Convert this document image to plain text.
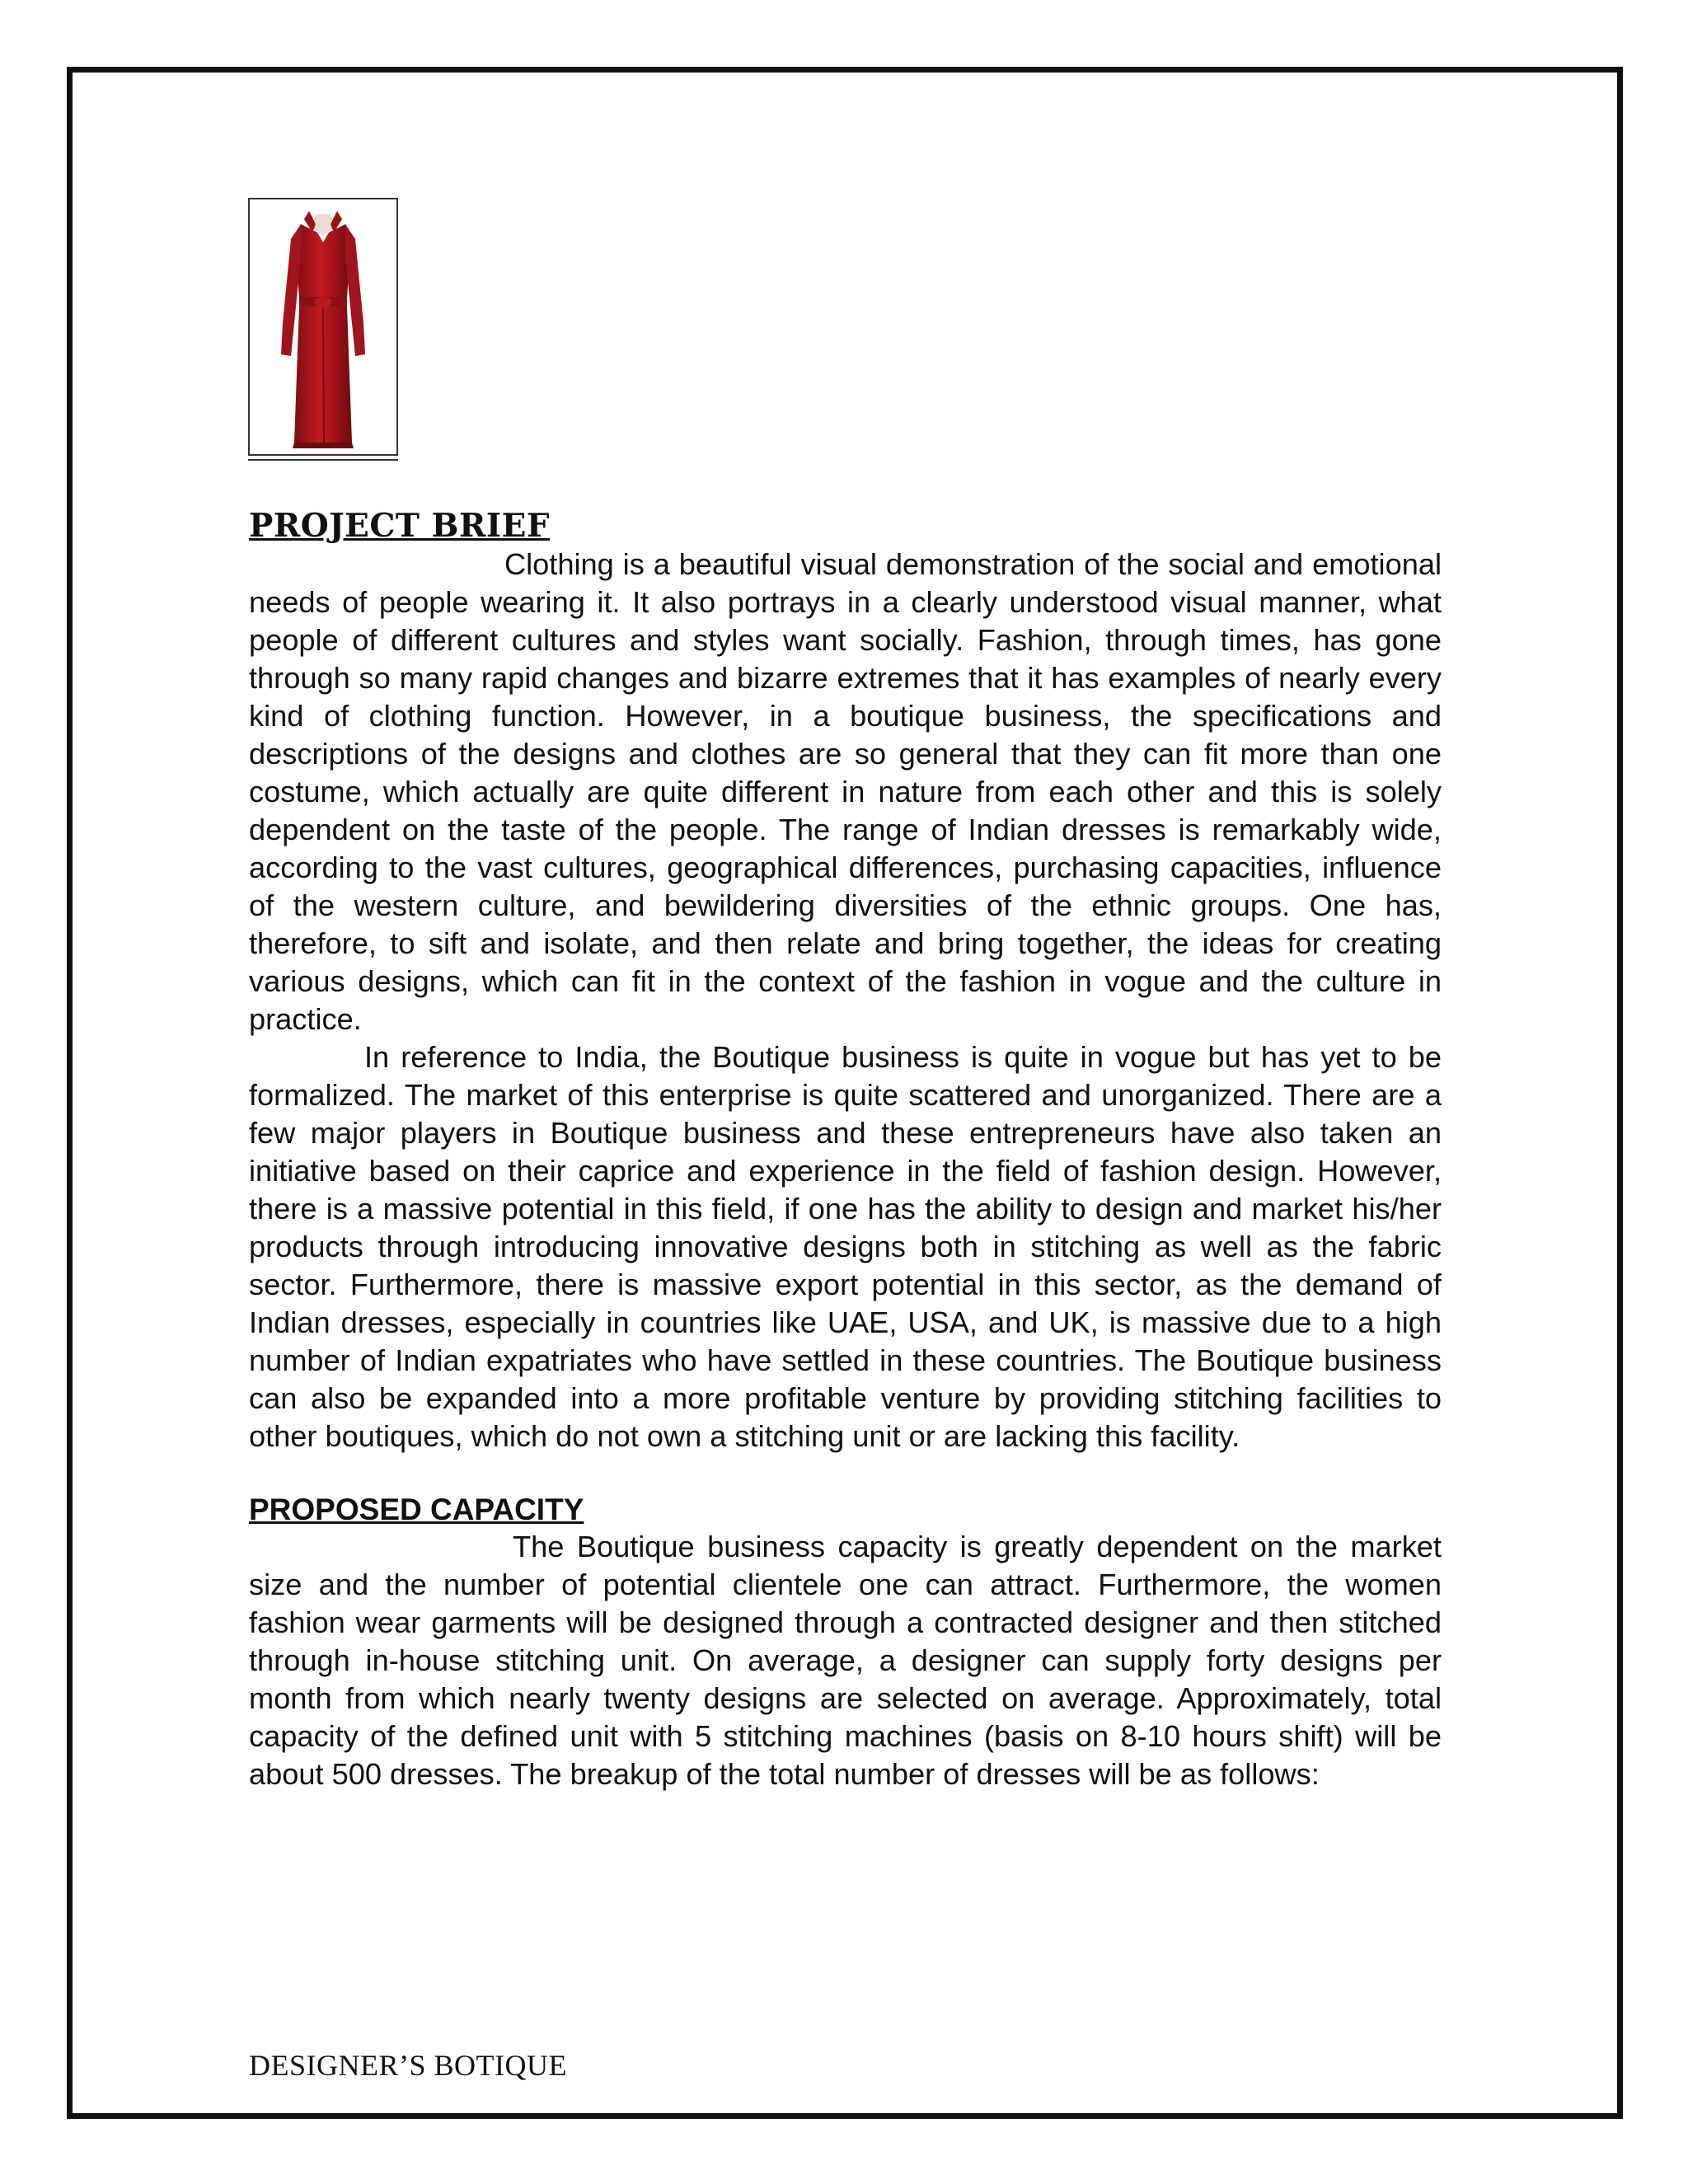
PROJECT BRIEF

Clothing is a beautiful visual demonstration of the social and emotional needs of people wearing it. It also portrays in a clearly understood visual manner, what people of different cultures and styles want socially. Fashion, through times, has gone through so many rapid changes and bizarre extremes that it has examples of nearly every kind of clothing function. However, in a boutique business, the specifications and descriptions of the designs and clothes are so general that they can fit more than one costume, which actually are quite different in nature from each other and this is solely dependent on the taste of the people. The range of Indian dresses is remarkably wide, according to the vast cultures, geographical differences, purchasing capacities, influence of the western culture, and bewildering diversities of the ethnic groups. One has, therefore, to sift and isolate, and then relate and bring together, the ideas for creating various designs, which can fit in the context of the fashion in vogue and the culture in practice.

In reference to India, the Boutique business is quite in vogue but has yet to be formalized. The market of this enterprise is quite scattered and unorganized. There are a few major players in Boutique business and these entrepreneurs have also taken an initiative based on their caprice and experience in the field of fashion design. However, there is a massive potential in this field, if one has the ability to design and market his/her products through introducing innovative designs both in stitching as well as the fabric sector. Furthermore, there is massive export potential in this sector, as the demand of Indian dresses, especially in countries like UAE, USA, and UK, is massive due to a high number of Indian expatriates who have settled in these countries. The Boutique business can also be expanded into a more profitable venture by providing stitching facilities to other boutiques, which do not own a stitching unit or are lacking this facility.

PROPOSED CAPACITY

The Boutique business capacity is greatly dependent on the market size and the number of potential clientele one can attract. Furthermore, the women fashion wear garments will be designed through a contracted designer and then stitched through in-house stitching unit. On average, a designer can supply forty designs per month from which nearly twenty designs are selected on average. Approximately, total capacity of the defined unit with 5 stitching machines (basis on 8-10 hours shift) will be about 500 dresses. The breakup of the total number of dresses will be as follows:

DESIGNER’S BOTIQUE
